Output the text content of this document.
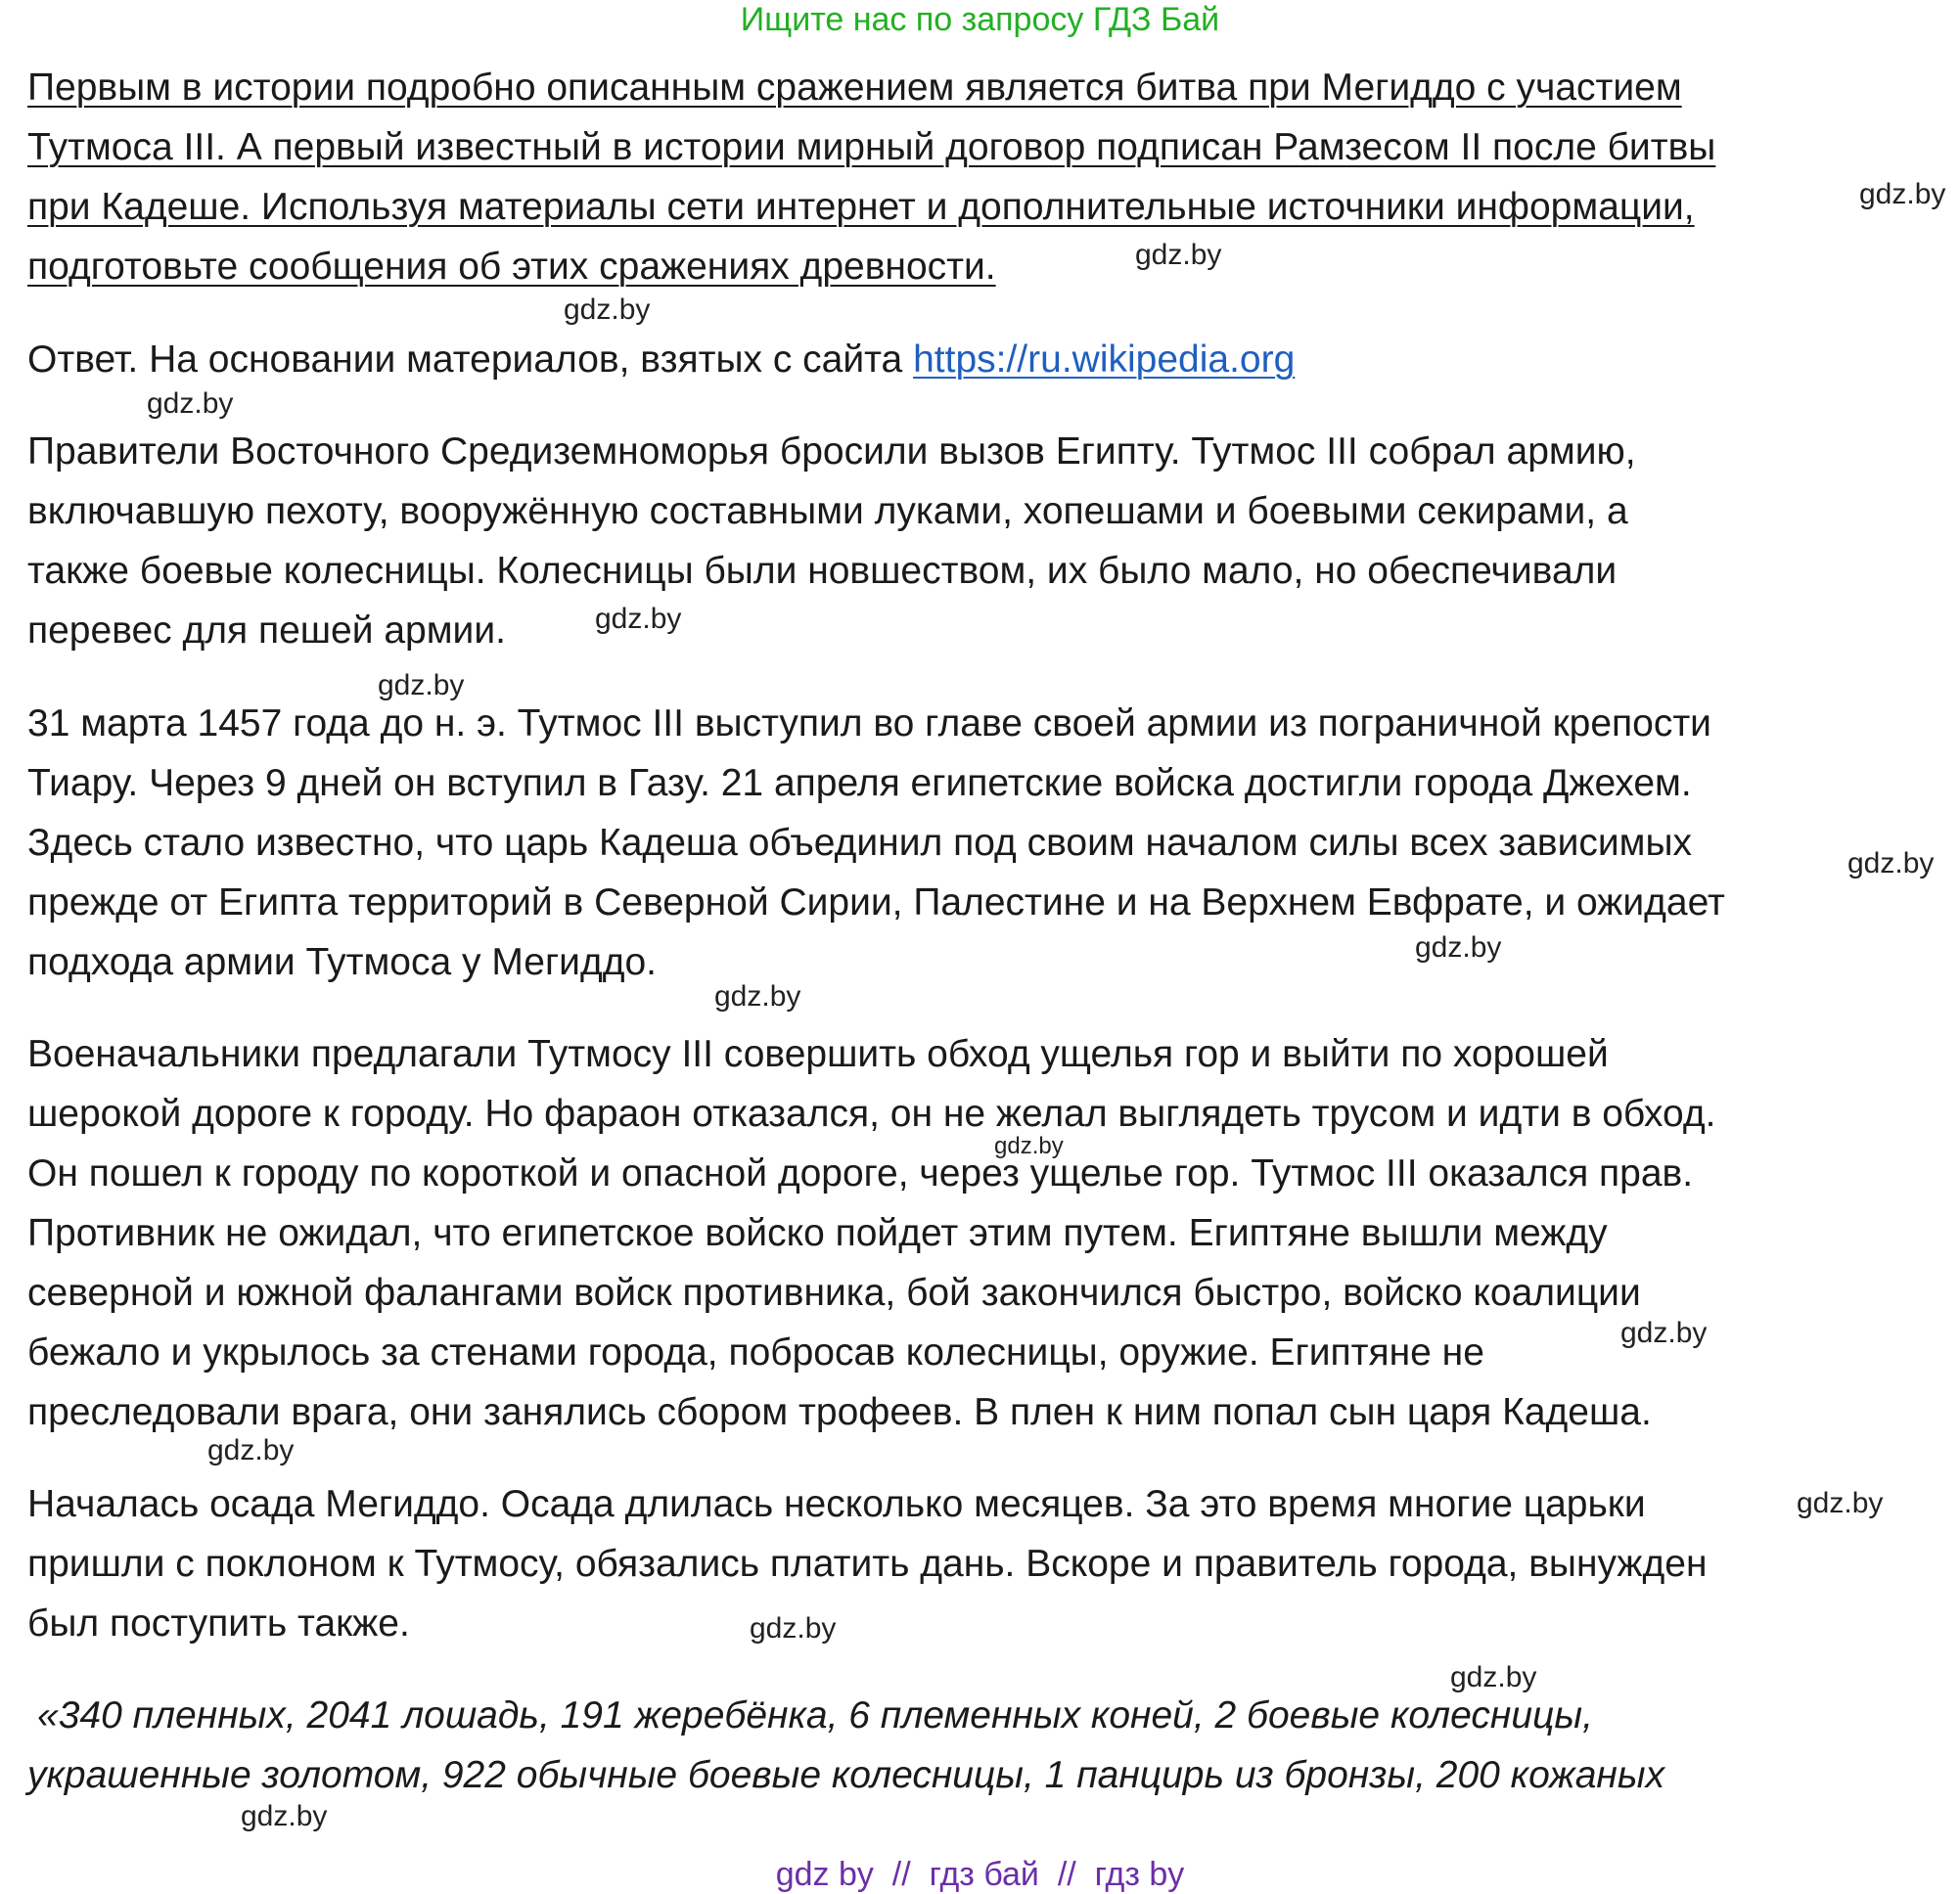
Ищите нас по запросу ГДЗ Бай
Первым в истории подробно описанным сражением является битва при Мегиддо с участием
Тутмоса III. А первый известный в истории мирный договор подписан Рамзесом II после битвы
при Кадеше. Используя материалы сети интернет и дополнительные источники информации,
подготовьте сообщения об этих сражениях древности.
Ответ. На основании материалов, взятых с сайта https://ru.wikipedia.org
Правители Восточного Средиземноморья бросили вызов Египту. Тутмос III собрал армию,
включавшую пехоту, вооружённую составными луками, хопешами и боевыми секирами, а
также боевые колесницы. Колесницы были новшеством, их было мало, но обеспечивали
перевес для пешей армии.
31 марта 1457 года до н. э. Тутмос III выступил во главе своей армии из пограничной крепости
Тиару. Через 9 дней он вступил в Газу. 21 апреля египетские войска достигли города Джехем.
Здесь стало известно, что царь Кадеша объединил под своим началом силы всех зависимых
прежде от Египта территорий в Северной Сирии, Палестине и на Верхнем Евфрате, и ожидает
подхода армии Тутмоса у Мегиддо.
Военачальники предлагали Тутмосу III совершить обход ущелья гор и выйти по хорошей
шерокой дороге к городу. Но фараон отказался, он не желал выглядеть трусом и идти в обход.
Он пошел к городу по короткой и опасной дороге, через ущелье гор. Тутмос III оказался прав.
Противник не ожидал, что египетское войско пойдет этим путем. Египтяне вышли между
северной и южной фалангами войск противника, бой закончился быстро, войско коалиции
бежало и укрылось за стенами города, побросав колесницы, оружие. Египтяне не
преследовали врага, они занялись сбором трофеев. В плен к ним попал сын царя Кадеша.
Началась осада Мегиддо. Осада длилась несколько месяцев. За это время многие царьки
пришли с поклоном к Тутмосу, обязались платить дань. Вскоре и правитель города, вынужден
был поступить также.
«340 пленных, 2041 лошадь, 191 жеребёнка, 6 племенных коней, 2 боевые колесницы,
украшенные золотом, 922 обычные боевые колесницы, 1 панцирь из бронзы, 200 кожаных
gdz.by
gdz.by
gdz.by
gdz.by
gdz.by
gdz.by
gdz.by
gdz.by
gdz.by
gdz.by
gdz.by
gdz.by
gdz.by
gdz.by
gdz.by
gdz.by
gdz by  //  гдз бай  //  гдз by
